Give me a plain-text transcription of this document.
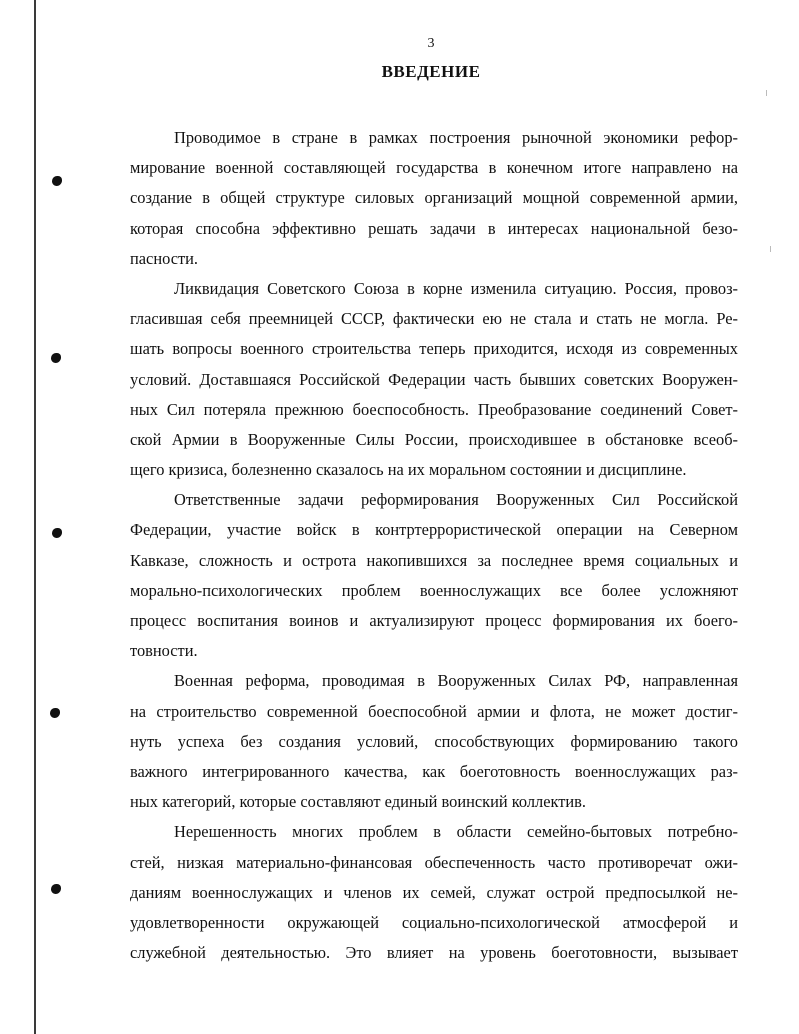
3
ВВЕДЕНИЕ
Проводимое в стране в рамках построения рыночной экономики рефор-
мирование военной составляющей государства в конечном итоге направлено на
создание в общей структуре силовых организаций мощной современной армии,
которая способна эффективно решать задачи в интересах национальной безо-
пасности.
Ликвидация Советского Союза в корне изменила ситуацию. Россия, провоз-
гласившая себя преемницей СССР, фактически ею не стала и стать не могла. Ре-
шать вопросы военного строительства теперь приходится, исходя из современных
условий. Доставшаяся Российской Федерации часть бывших советских Вооружен-
ных Сил потеряла прежнюю боеспособность. Преобразование соединений Совет-
ской Армии в Вооруженные Силы России, происходившее в обстановке всеоб-
щего кризиса, болезненно сказалось на их моральном состоянии и дисциплине.
Ответственные задачи реформирования Вооруженных Сил Российской
Федерации, участие войск в контртеррористической операции на Северном
Кавказе, сложность и острота накопившихся за последнее время социальных и
морально-психологических проблем военнослужащих все более усложняют
процесс воспитания воинов и актуализируют процесс формирования их боего-
товности.
Военная реформа, проводимая в Вооруженных Силах РФ, направленная
на строительство современной боеспособной армии и флота, не может достиг-
нуть успеха без создания условий, способствующих формированию такого
важного интегрированного качества, как боеготовность военнослужащих раз-
ных категорий, которые составляют единый воинский коллектив.
Нерешенность многих проблем в области семейно-бытовых потребно-
стей, низкая материально-финансовая обеспеченность часто противоречат ожи-
даниям военнослужащих и членов их семей, служат острой предпосылкой не-
удовлетворенности окружающей социально-психологической атмосферой и
служебной деятельностью. Это влияет на уровень боеготовности, вызывает
